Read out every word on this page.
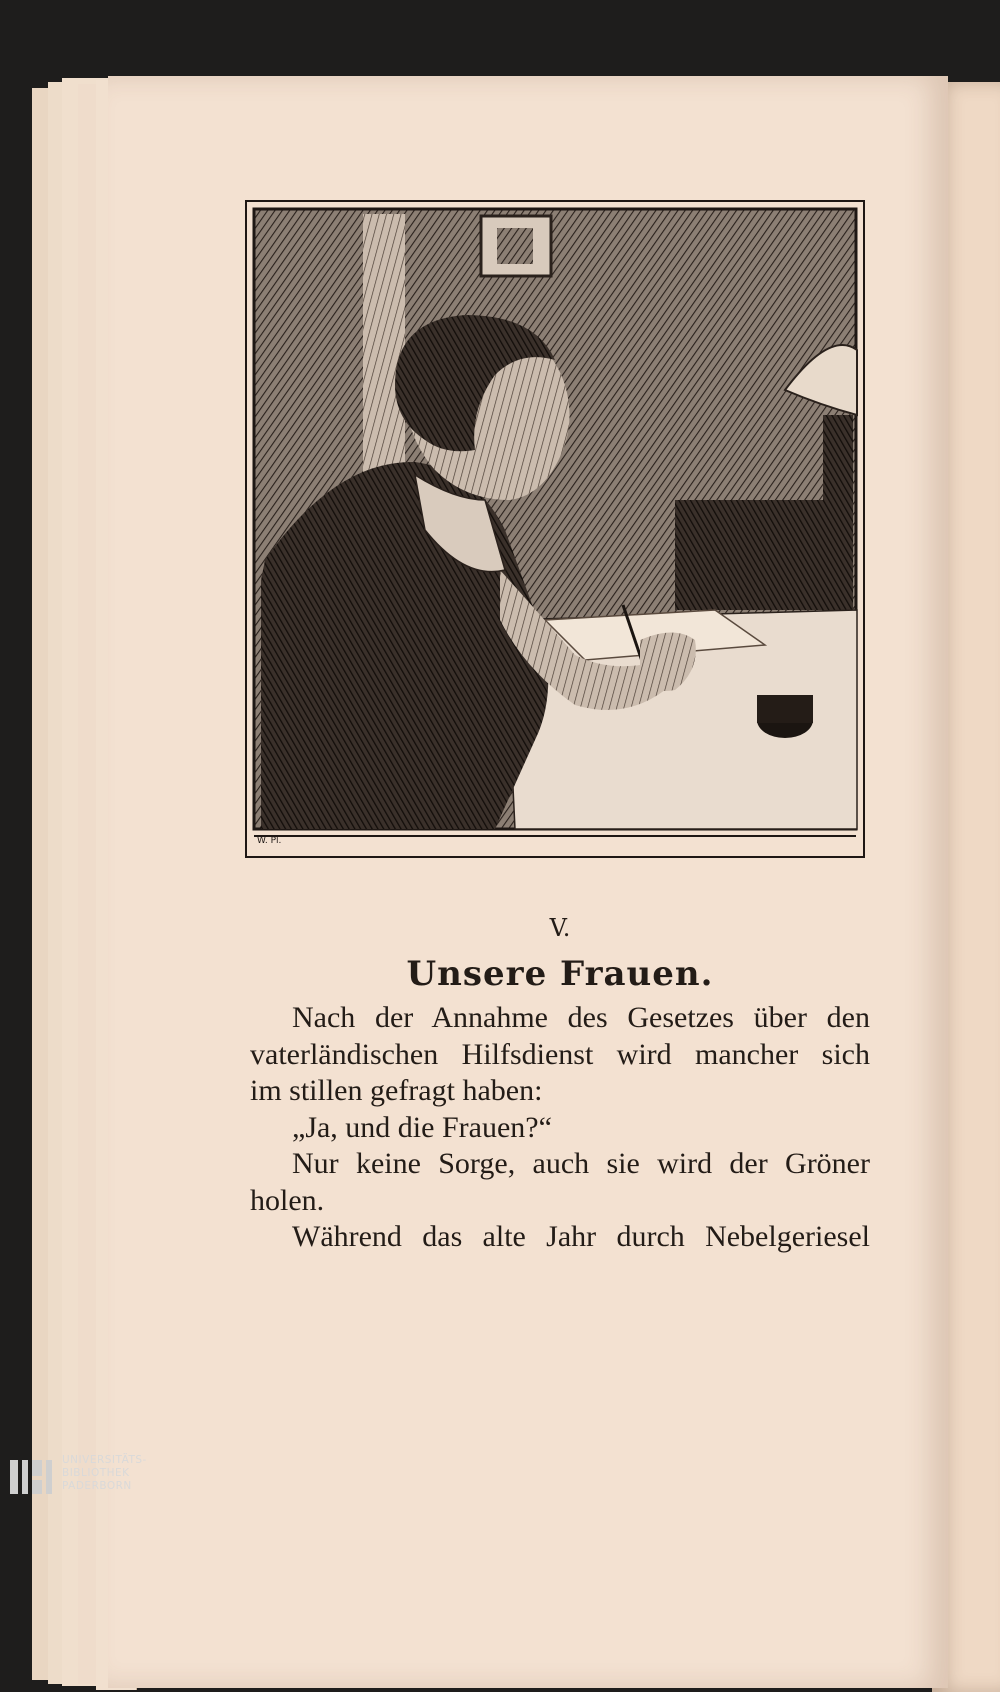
W. Pl.
V.
Unsere Frauen.
Nach der Annahme des Gesetzes über den
vaterländischen Hilfsdienst wird mancher sich
im stillen gefragt haben:
„Ja, und die Frauen?“
Nur keine Sorge, auch sie wird der Gröner
holen.
Während das alte Jahr durch Nebelgeriesel
UNIVERSITÄTS-
BIBLIOTHEK
PADERBORN
